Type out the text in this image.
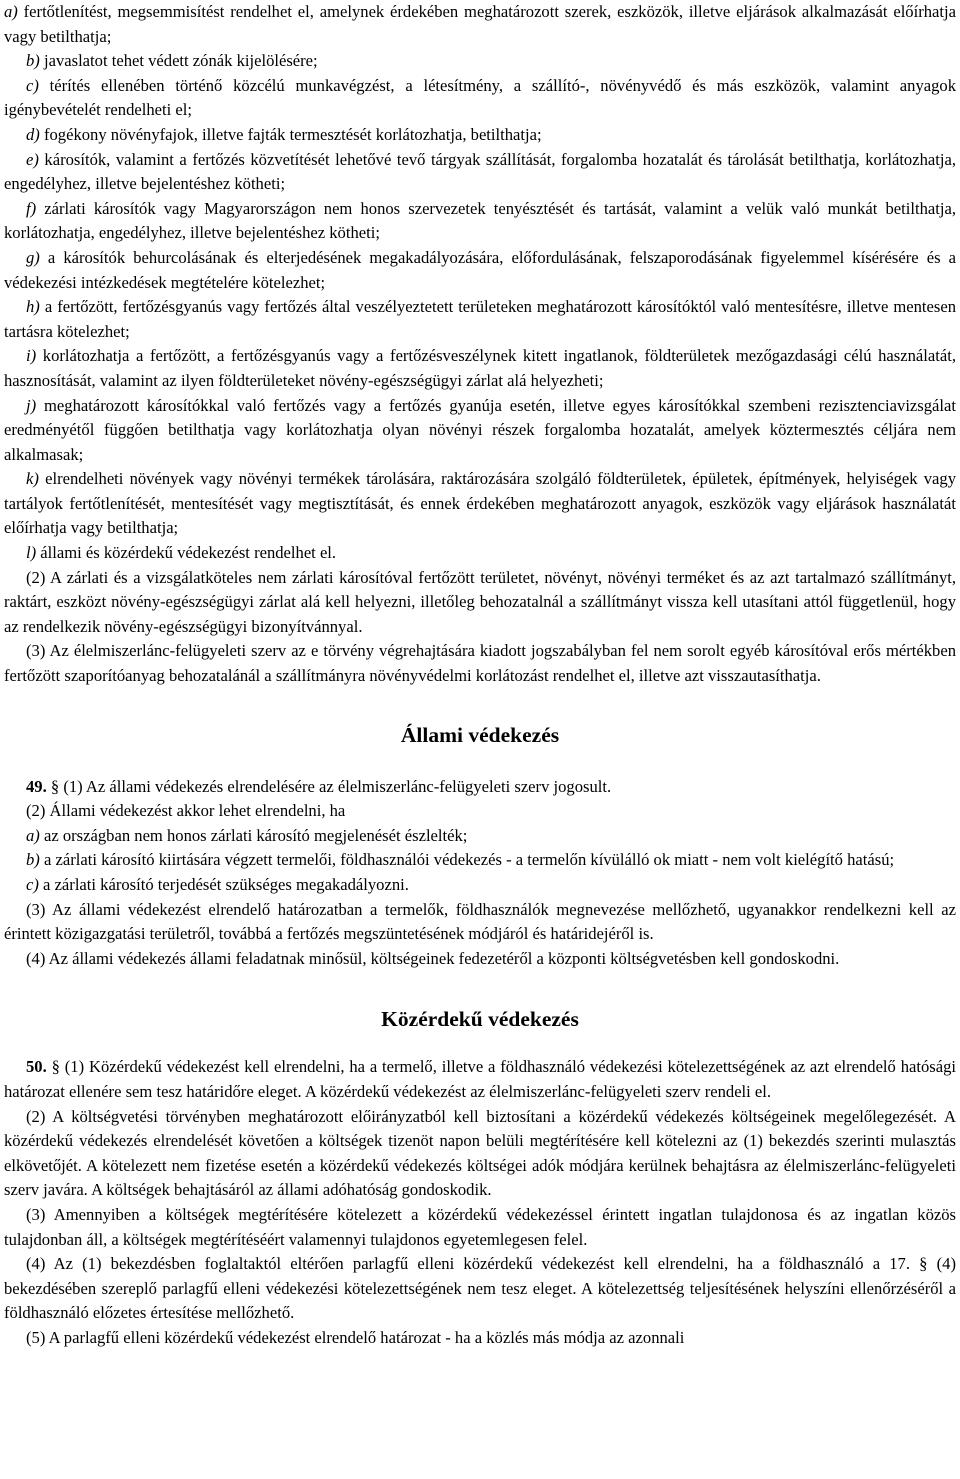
a) fertőtlenítést, megsemmisítést rendelhet el, amelynek érdekében meghatározott szerek, eszközök, illetve eljárások alkalmazását előírhatja vagy betilthatja;

b) javaslatot tehet védett zónák kijelölésére;

c) térítés ellenében történő közcélú munkavégzést, a létesítmény, a szállító-, növényvédő és más eszközök, valamint anyagok igénybevételét rendelheti el;

d) fogékony növényfajok, illetve fajták termesztését korlátozhatja, betilthatja;

e) károsítók, valamint a fertőzés közvetítését lehetővé tevő tárgyak szállítását, forgalomba hozatalát és tárolását betilthatja, korlátozhatja, engedélyhez, illetve bejelentéshez kötheti;

f) zárlati károsítók vagy Magyarországon nem honos szervezetek tenyésztését és tartását, valamint a velük való munkát betilthatja, korlátozhatja, engedélyhez, illetve bejelentéshez kötheti;

g) a károsítók behurcolásának és elterjedésének megakadályozására, előfordulásának, felszaporodásának figyelemmel kísérésére és a védekezési intézkedések megtételére kötelezhet;

h) a fertőzött, fertőzésgyanús vagy fertőzés által veszélyeztetett területeken meghatározott károsítóktól való mentesítésre, illetve mentesen tartásra kötelezhet;

i) korlátozhatja a fertőzött, a fertőzésgyanús vagy a fertőzésveszélynek kitett ingatlanok, földterületek mezőgazdasági célú használatát, hasznosítását, valamint az ilyen földterületeket növény-egészségügyi zárlat alá helyezheti;

j) meghatározott károsítókkal való fertőzés vagy a fertőzés gyanúja esetén, illetve egyes károsítókkal szembeni rezisztenciavizsgálat eredményétől függően betilthatja vagy korlátozhatja olyan növényi részek forgalomba hozatalát, amelyek köztermesztés céljára nem alkalmasak;

k) elrendelheti növények vagy növényi termékek tárolására, raktározására szolgáló földterületek, épületek, építmények, helyiségek vagy tartályok fertőtlenítését, mentesítését vagy megtisztítását, és ennek érdekében meghatározott anyagok, eszközök vagy eljárások használatát előírhatja vagy betilthatja;

l) állami és közérdekű védekezést rendelhet el.

(2) A zárlati és a vizsgálatköteles nem zárlati károsítóval fertőzött területet, növényt, növényi terméket és az azt tartalmazó szállítmányt, raktárt, eszközt növény-egészségügyi zárlat alá kell helyezni, illetőleg behozatalnál a szállítmányt vissza kell utasítani attól függetlenül, hogy az rendelkezik növény-egészségügyi bizonyítvánnyal.

(3) Az élelmiszerlánc-felügyeleti szerv az e törvény végrehajtására kiadott jogszabályban fel nem sorolt egyéb károsítóval erős mértékben fertőzött szaporítóanyag behozatalánál a szállítmányra növényvédelmi korlátozást rendelhet el, illetve azt visszautasíthatja.

Állami védekezés

49. § (1) Az állami védekezés elrendelésére az élelmiszerlánc-felügyeleti szerv jogosult.

(2) Állami védekezést akkor lehet elrendelni, ha

a) az országban nem honos zárlati károsító megjelenését észlelték;

b) a zárlati károsító kiirtására végzett termelői, földhasználói védekezés - a termelőn kívülálló ok miatt - nem volt kielégítő hatású;

c) a zárlati károsító terjedését szükséges megakadályozni.

(3) Az állami védekezést elrendelő határozatban a termelők, földhasználók megnevezése mellőzhető, ugyanakkor rendelkezni kell az érintett közigazgatási területről, továbbá a fertőzés megszüntetésének módjáról és határidejéről is.

(4) Az állami védekezés állami feladatnak minősül, költségeinek fedezetéről a központi költségvetésben kell gondoskodni.

Közérdekű védekezés

50. § (1) Közérdekű védekezést kell elrendelni, ha a termelő, illetve a földhasználó védekezési kötelezettségének az azt elrendelő hatósági határozat ellenére sem tesz határidőre eleget. A közérdekű védekezést az élelmiszerlánc-felügyeleti szerv rendeli el.

(2) A költségvetési törvényben meghatározott előirányzatból kell biztosítani a közérdekű védekezés költségeinek megelőlegezését. A közérdekű védekezés elrendelését követően a költségek tizenöt napon belüli megtérítésére kell kötelezni az (1) bekezdés szerinti mulasztás elkövetőjét. A kötelezett nem fizetése esetén a közérdekű védekezés költségei adók módjára kerülnek behajtásra az élelmiszerlánc-felügyeleti szerv javára. A költségek behajtásáról az állami adóhatóság gondoskodik.

(3) Amennyiben a költségek megtérítésére kötelezett a közérdekű védekezéssel érintett ingatlan tulajdonosa és az ingatlan közös tulajdonban áll, a költségek megtérítéséért valamennyi tulajdonos egyetemlegesen felel.

(4) Az (1) bekezdésben foglaltaktól eltérően parlagfű elleni közérdekű védekezést kell elrendelni, ha a földhasználó a 17. § (4) bekezdésében szereplő parlagfű elleni védekezési kötelezettségének nem tesz eleget. A kötelezettség teljesítésének helyszíni ellenőrzéséről a földhasználó előzetes értesítése mellőzhető.

(5) A parlagfű elleni közérdekű védekezést elrendelő határozat - ha a közlés más módja az azonnali
